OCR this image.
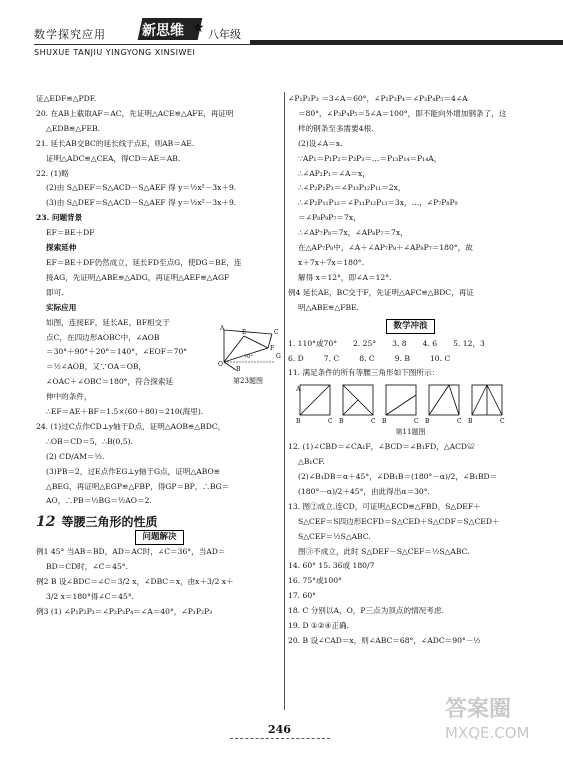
数学探究应用	新思维 ★ 八年级
SHUXUE TANJIU YINGYONG XINSIWEI
证△EDF≌△PDF.
20. 在AB上截取AF＝AC，先证明△ACE≌△AFE，再证明
△EDB≌△FEB.
21. 延长AB交BC的延长线于点E，则AB＝AE.
证明△ADC≌△CEA，得CD＝AE＝AB.
22. (1)略
(2)由 S△DEF＝S△ACD－S△AEF 得 y＝½x²－3x＋9.
(3)由 S△DEF＝S△ACD－S△AEF 得 y＝½x²－3x＋9.
23. 问题背景
EF＝BE＋DF
探索延伸
EF＝BE＋DF仍然成立，延长FD至点G，使DG＝BE，连
接AG，先证明△ABE≌△ADG，再证明△AEF≌△AGF
即可.
实际应用
如图，连接EF，延长AE，BF相交于
点C，在四边形AOBC中，∠AOB
＝30°＋90°＋20°＝140°，∠EOF＝70°
＝½∠AOB，又∵OA＝OB，
∠OAC＋∠OBC＝180°，符合探索延
伸中的条件，
∴EF＝AE＋BF＝1.5×(60＋80)＝210(海里).
24. (1)过C点作CD⊥y轴于D点，证明△AOB≌△BDC，
∴OB＝CD＝5，∴B(0,5).
(2) CD/AM＝½.
(3)PB＝2，过E点作EG⊥y轴于G点，证明△ABO≌
△BEG，再证明△EGP≌△FBP，得GP＝BP，∴BG＝
AO，∴PB＝½BG＝½AO＝2.
12 等腰三角形的性质
问题解决
例1 45° 当AB＝BD，AD＝AC时，∠C＝36°，当AD＝
BD＝CD时，∠C＝45°.
例2 B 设∠BDC＝∠C＝3/2 x，∠DBC＝x，由x＋3/2 x＋
3/2 x＝180°得∠C＝45°.
例3 (1) ∠P₁P₂P₃＝∠P₂P₃P₄＝∠A＝40°，∠P₁P₂P₃
A
E	C
F
B
O
70°	G
第23题图
∠P₁P₂P₃ ＝3∠A＝60°，∠P₂P₃P₄＝∠P₃P₄P₅＝4∠A
＝80°，∠P₃P₄P₅＝5∠A＝100°，即不能向外增加钢条了，这
样的钢条至多需要4根.
(2)设∠A＝x.
∵AP₁＝P₁P₂＝P₂P₃＝…＝P₁₃P₁₄＝P₁₄A，
∴∠AP₂P₁＝∠A＝x，
∴∠P₂P₁P₃＝∠P₁₃P₁₂P₁₁＝2x，
∴∠P₂P₁₁P₁₂＝∠P₁₁P₁₂P₁₃＝3x，…，∠P₇P₈P₉
＝∠P₈P₉P₇＝7x，
∴∠AP₇P₈＝7x，∠AP₈P₇＝7x，
在△AP₇P₈中，∠A＋∠AP₇P₈＋∠AP₈P₇＝180°，故
x＋7x＋7x＝180°.
解得 x＝12°，即∠A＝12°.
例4 延长AE，BC交于F，先证明△AFC≌△BDC，再证
明△ABE≌△FBE.
数学冲浪
1. 110°或70° 2. 25° 3. 8 4. 6 5. 12，3
6. D	7. C	8. C	9. B	10. C
11. 满足条件的所有等腰三角形如下图所示：
A
B	C B	C B	C B	C B	C
第11题图
12. (1)∠CBD＝∠CA₁F，∠BCD＝∠B₁FD，△ACD≌
△B₁CF.
(2)∠B₁DB＝α＋45°，∠DB₁B＝(180°－α)/2，∠B₁BD＝
(180°－α)/2＋45°，由此得出α＝30°.
13. 图②成立.连CD，可证明△ECD≌△FBD，S△DEF＋
S△CEF＝S四边形ECFD＝S△CED＋S△CDF＝S△CED＋
S△CEF＝½S△ABC.
图③不成立，此时 S△DEF－S△CEF＝½S△ABC.
14. 60° 15. 36或 180/7
16. 75°或100°
17. 60°
18. C 分别以A，O，P三点为顶点的情况考虑.
19. D ①②④正确.
20. B 设∠CAD＝x，则∠ABC＝68°，∠ADC＝90°－½
246
答案圈
MXQE.COM
